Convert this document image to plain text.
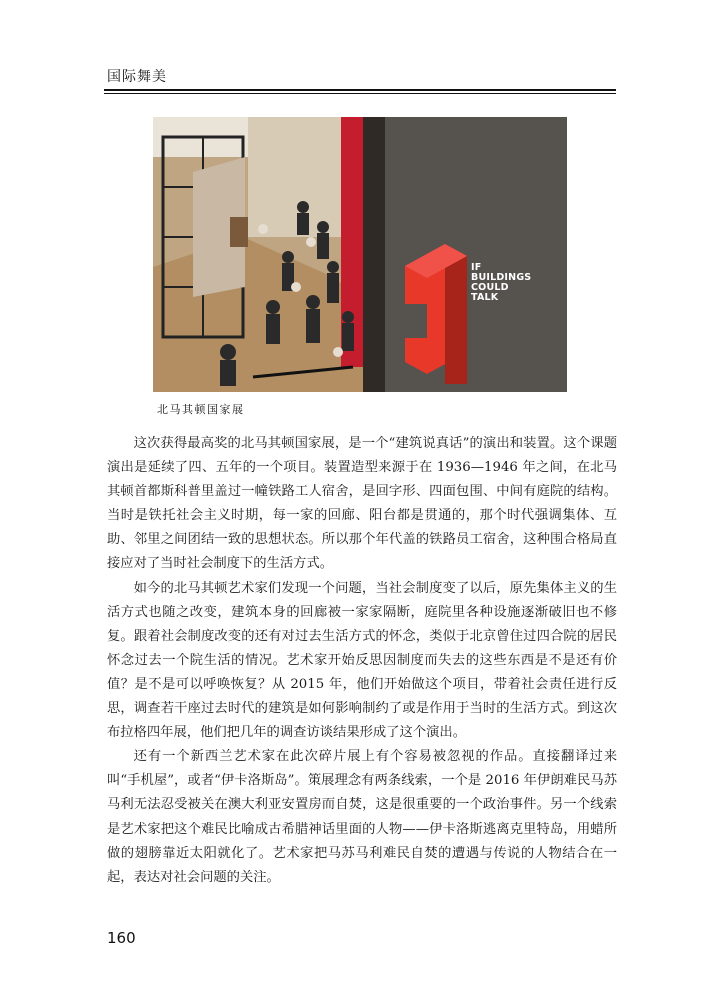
国际舞美
IF
BUILDINGS
COULD
TALK
北马其顿国家展

这次获得最高奖的北马其顿国家展，是一个“建筑说真话”的演出和装置。这个课题演出是延续了四、五年的一个项目。装置造型来源于在 1936—1946 年之间，在北马其顿首都斯科普里盖过一幢铁路工人宿舍，是回字形、四面包围、中间有庭院的结构。当时是铁托社会主义时期，每一家的回廊、阳台都是贯通的，那个时代强调集体、互助、邻里之间团结一致的思想状态。所以那个年代盖的铁路员工宿舍，这种围合格局直接应对了当时社会制度下的生活方式。

如今的北马其顿艺术家们发现一个问题，当社会制度变了以后，原先集体主义的生活方式也随之改变，建筑本身的回廊被一家家隔断，庭院里各种设施逐渐破旧也不修复。跟着社会制度改变的还有对过去生活方式的怀念，类似于北京曾住过四合院的居民怀念过去一个院生活的情况。艺术家开始反思因制度而失去的这些东西是不是还有价值？是不是可以呼唤恢复？从 2015 年，他们开始做这个项目，带着社会责任进行反思，调查若干座过去时代的建筑是如何影响制约了或是作用于当时的生活方式。到这次布拉格四年展，他们把几年的调查访谈结果形成了这个演出。

还有一个新西兰艺术家在此次碎片展上有个容易被忽视的作品。直接翻译过来叫“手机屋”，或者“伊卡洛斯岛”。策展理念有两条线索，一个是 2016 年伊朗难民马苏马利无法忍受被关在澳大利亚安置房而自焚，这是很重要的一个政治事件。另一个线索是艺术家把这个难民比喻成古希腊神话里面的人物——伊卡洛斯逃离克里特岛，用蜡所做的翅膀靠近太阳就化了。艺术家把马苏马利难民自焚的遭遇与传说的人物结合在一起，表达对社会问题的关注。

160
